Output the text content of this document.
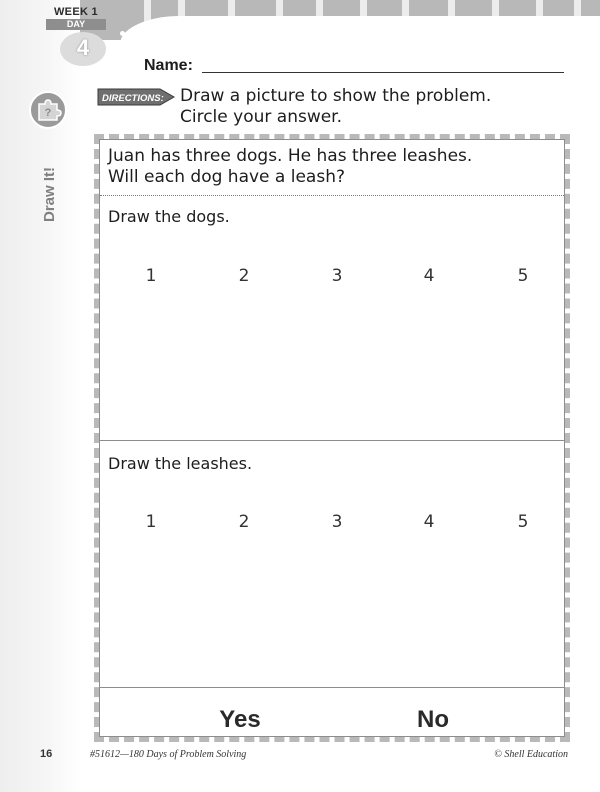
WEEK 1
DAY
4
Name:
DIRECTIONS: Draw a picture to show the problem.
Circle your answer.
?
Draw It!
Juan has three dogs. He has three leashes.
Will each dog have a leash?
Draw the dogs.
1	2	3	4	5
Draw the leashes.
1	2	3	4	5
Yes	No
16	#51612—180 Days of Problem Solving	© Shell Education
